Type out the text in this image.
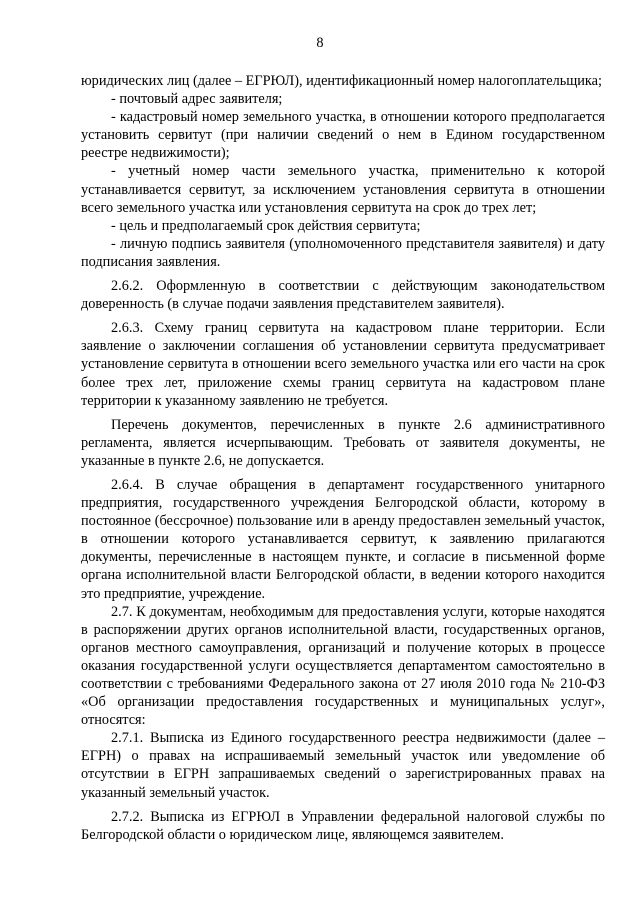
8

юридических лиц (далее – ЕГРЮЛ), идентификационный номер налогоплательщика;

- почтовый адрес заявителя;

- кадастровый номер земельного участка, в отношении которого предполагается установить сервитут (при наличии сведений о нем в Едином государственном реестре недвижимости);

- учетный номер части земельного участка, применительно к которой устанавливается сервитут, за исключением установления сервитута в отношении всего земельного участка или установления сервитута на срок до трех лет;

- цель и предполагаемый срок действия сервитута;

- личную подпись заявителя (уполномоченного представителя заявителя) и дату подписания заявления.

2.6.2. Оформленную в соответствии с действующим законодательством доверенность (в случае подачи заявления представителем заявителя).

2.6.3. Схему границ сервитута на кадастровом плане территории. Если заявление о заключении соглашения об установлении сервитута предусматривает установление сервитута в отношении всего земельного участка или его части на срок более трех лет, приложение схемы границ сервитута на кадастровом плане территории к указанному заявлению не требуется.

Перечень документов, перечисленных в пункте 2.6 административного регламента, является исчерпывающим. Требовать от заявителя документы, не указанные в пункте 2.6, не допускается.

2.6.4. В случае обращения в департамент государственного унитарного предприятия, государственного учреждения Белгородской области, которому в постоянное (бессрочное) пользование или в аренду предоставлен земельный участок, в отношении которого устанавливается сервитут, к заявлению прилагаются документы, перечисленные в настоящем пункте, и согласие в письменной форме органа исполнительной власти Белгородской области, в ведении которого находится это предприятие, учреждение.

2.7. К документам, необходимым для предоставления услуги, которые находятся в распоряжении других органов исполнительной власти, государственных органов, органов местного самоуправления, организаций и получение которых в процессе оказания государственной услуги осуществляется департаментом самостоятельно в соответствии с требованиями Федерального закона от 27 июля 2010 года № 210-ФЗ «Об организации предоставления государственных и муниципальных услуг», относятся:

2.7.1. Выписка из Единого государственного реестра недвижимости (далее – ЕГРН) о правах на испрашиваемый земельный участок или уведомление об отсутствии в ЕГРН запрашиваемых сведений о зарегистрированных правах на указанный земельный участок.

2.7.2. Выписка из ЕГРЮЛ в Управлении федеральной налоговой службы по Белгородской области о юридическом лице, являющемся заявителем.
